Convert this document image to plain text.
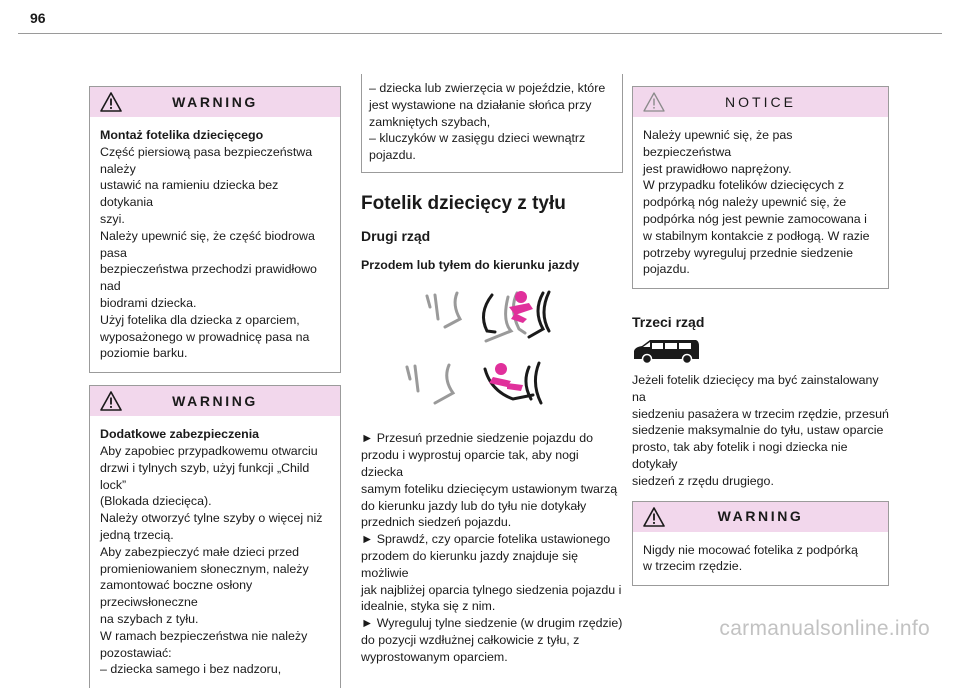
96
WARNING

Montaż fotelika dziecięcego

Część piersiową pasa bezpieczeństwa należy
ustawić na ramieniu dziecka bez dotykania
szyi.
Należy upewnić się, że część biodrowa pasa
bezpieczeństwa przechodzi prawidłowo nad
biodrami dziecka.
Użyj fotelika dla dziecka z oparciem,
wyposażonego w prowadnicę pasa na
poziomie barku.

WARNING

Dodatkowe zabezpieczenia

Aby zapobiec przypadkowemu otwarciu
drzwi i tylnych szyb, użyj funkcji „Child lock”
(Blokada dziecięca).
Należy otworzyć tylne szyby o więcej niż
jedną trzecią.
Aby zabezpieczyć małe dzieci przed
promieniowaniem słonecznym, należy
zamontować boczne osłony przeciwsłoneczne
na szybach z tyłu.
W ramach bezpieczeństwa nie należy
pozostawiać:
– dziecka samego i bez nadzoru,

– dziecka lub zwierzęcia w pojeździe, które
jest wystawione na działanie słońca przy
zamkniętych szybach,
– kluczyków w zasięgu dzieci wewnątrz
pojazdu.

Fotelik dziecięcy z tyłu
Drugi rząd
Przodem lub tyłem do kierunku jazdy

► Przesuń przednie siedzenie pojazdu do
przodu i wyprostuj oparcie tak, aby nogi dziecka
samym foteliku dziecięcym ustawionym twarzą
do kierunku jazdy lub do tyłu nie dotykały
przednich siedzeń pojazdu.
► Sprawdź, czy oparcie fotelika ustawionego
przodem do kierunku jazdy znajduje się możliwie
jak najbliżej oparcia tylnego siedzenia pojazdu i
idealnie, styka się z nim.
► Wyreguluj tylne siedzenie (w drugim rzędzie)
do pozycji wzdłużnej całkowicie z tyłu, z
wyprostowanym oparciem.

NOTICE

Należy upewnić się, że pas bezpieczeństwa
jest prawidłowo naprężony.
W przypadku fotelików dziecięcych z
podpórką nóg należy upewnić się, że
podpórka nóg jest pewnie zamocowana i
w stabilnym kontakcie z podłogą. W razie
potrzeby wyreguluj przednie siedzenie
pojazdu.

Trzeci rząd

Jeżeli fotelik dziecięcy ma być zainstalowany na
siedzeniu pasażera w trzecim rzędzie, przesuń
siedzenie maksymalnie do tyłu, ustaw oparcie
prosto, tak aby fotelik i nogi dziecka nie dotykały
siedzeń z rzędu drugiego.

WARNING

Nigdy nie mocować fotelika z podpórką
w trzecim rzędzie.

carmanualsonline.info
